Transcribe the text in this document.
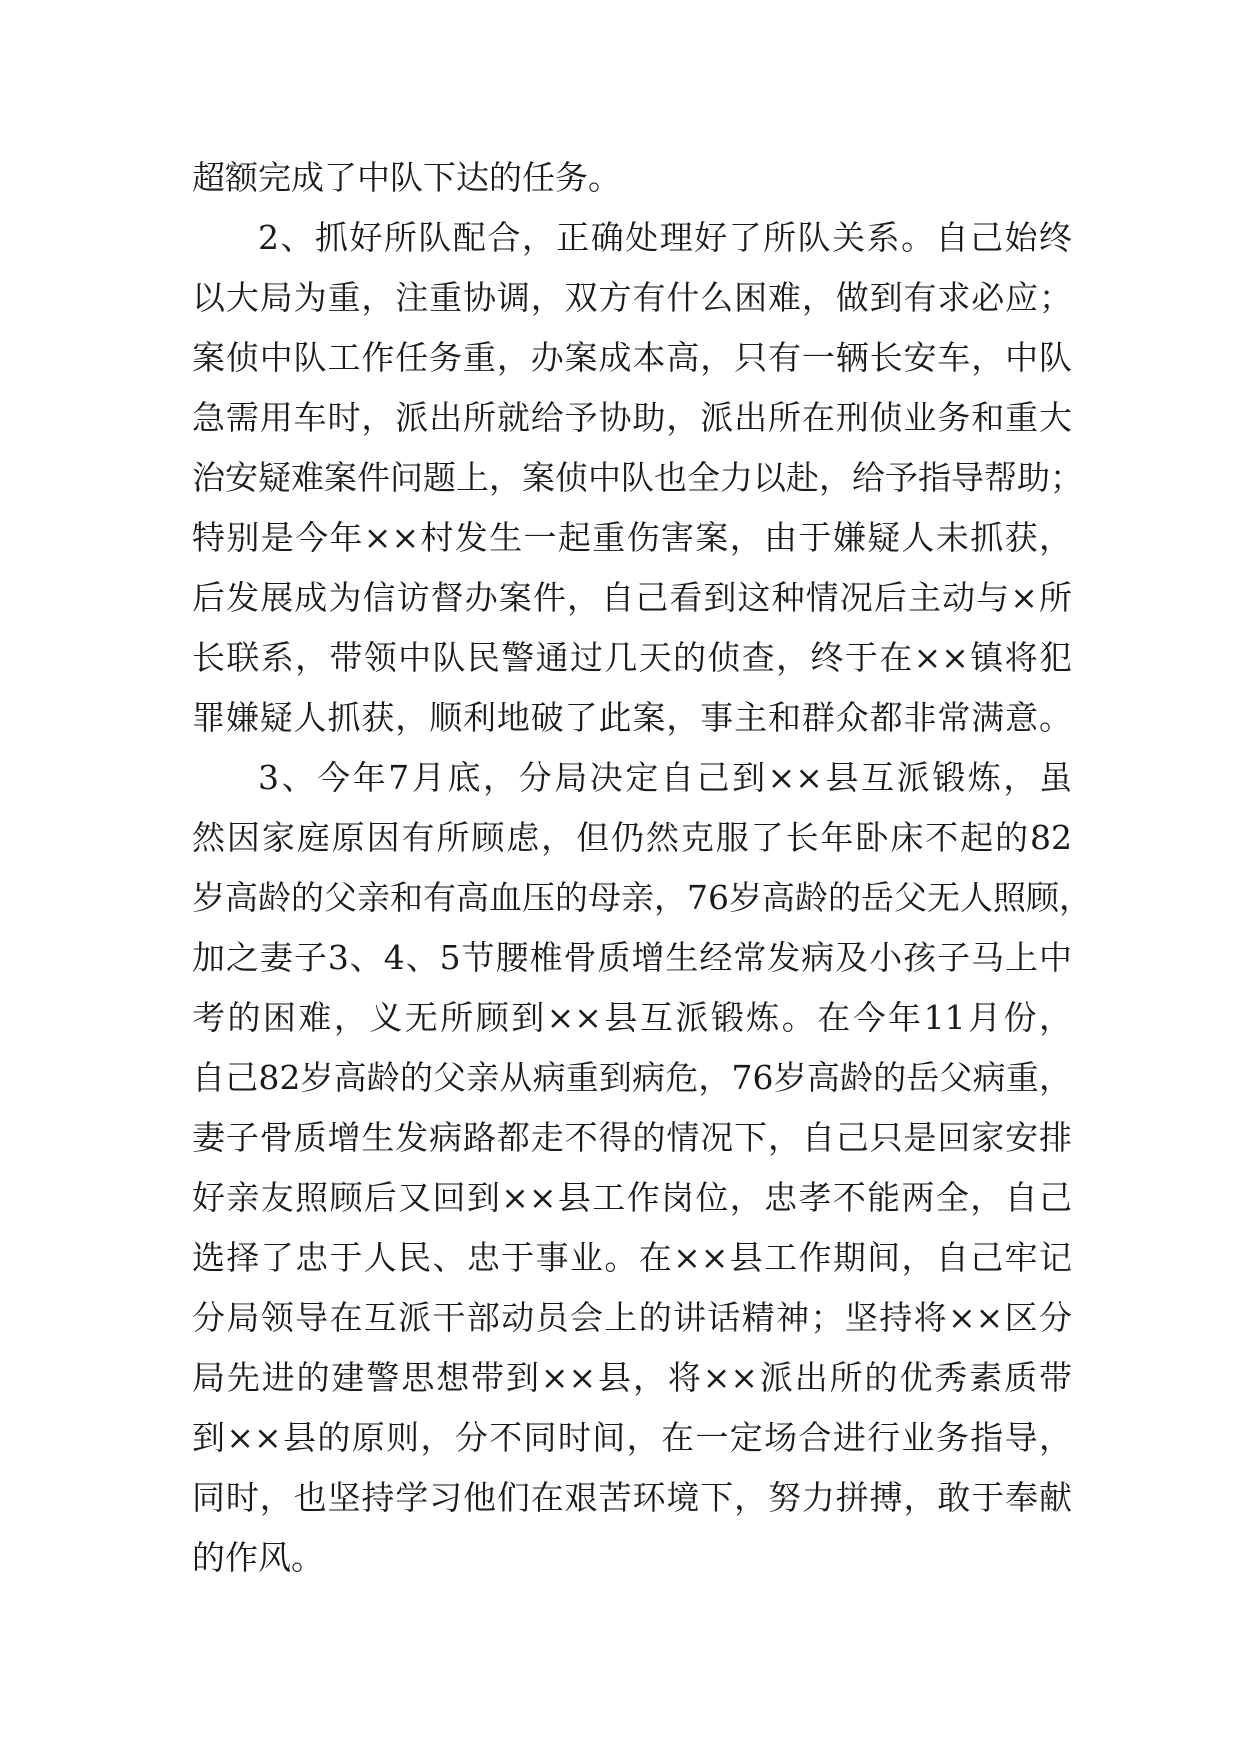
超额完成了中队下达的任务。
2、抓好所队配合，正确处理好了所队关系。自己始终
以大局为重，注重协调，双方有什么困难，做到有求必应；
案侦中队工作任务重，办案成本高，只有一辆长安车，中队
急需用车时，派出所就给予协助，派出所在刑侦业务和重大
治安疑难案件问题上，案侦中队也全力以赴，给予指导帮助；
特别是今年××村发生一起重伤害案，由于嫌疑人未抓获，
后发展成为信访督办案件，自己看到这种情况后主动与×所
长联系，带领中队民警通过几天的侦查，终于在××镇将犯
罪嫌疑人抓获，顺利地破了此案，事主和群众都非常满意。
3、今年7月底，分局决定自己到××县互派锻炼，虽
然因家庭原因有所顾虑，但仍然克服了长年卧床不起的82
岁高龄的父亲和有高血压的母亲，76岁高龄的岳父无人照顾，
加之妻子3、4、5节腰椎骨质增生经常发病及小孩子马上中
考的困难，义无所顾到××县互派锻炼。在今年11月份，
自己82岁高龄的父亲从病重到病危，76岁高龄的岳父病重，
妻子骨质增生发病路都走不得的情况下，自己只是回家安排
好亲友照顾后又回到××县工作岗位，忠孝不能两全，自己
选择了忠于人民、忠于事业。在××县工作期间，自己牢记
分局领导在互派干部动员会上的讲话精神；坚持将××区分
局先进的建警思想带到××县，将××派出所的优秀素质带
到××县的原则，分不同时间，在一定场合进行业务指导，
同时，也坚持学习他们在艰苦环境下，努力拼搏，敢于奉献
的作风。
